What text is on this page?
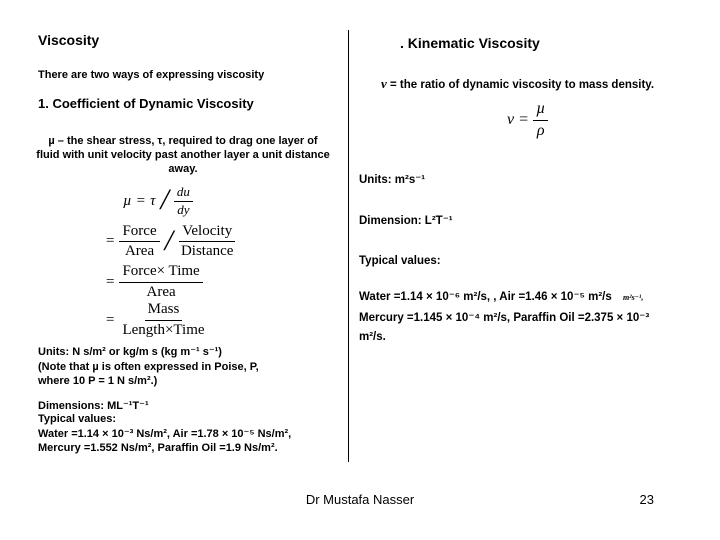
Viscosity
There are two ways of expressing viscosity
1. Coefficient of Dynamic Viscosity
µ – the shear stress, τ, required to drag one layer of
fluid with unit velocity past another layer a unit distance
away.
$\mu = \tau / \frac{du}{dy}$
= $\frac{\text{Force}}{\text{Area}} / \frac{\text{Velocity}}{\text{Distance}}$
= $\frac{\text{Force× Time}}{\text{Area}}$
= $\frac{\text{Mass}}{\text{Length×Time}}$
Units: N s/m² or kg/m s (kg m⁻¹ s⁻¹)
(Note that µ is often expressed in Poise, P,
where 10 P = 1 N s/m².)
Dimensions: ML⁻¹T⁻¹
Typical values:
Water =1.14 × 10⁻³ Ns/m², Air =1.78 × 10⁻⁵ Ns/m²,
Mercury =1.552 Ns/m², Paraffin Oil =1.9 Ns/m².
. Kinematic Viscosity
ν = the ratio of dynamic viscosity to mass density.
$\nu = \frac{\text{µ}}{\rho}$
Units: m²s⁻¹
Dimension: L²T⁻¹
Typical values:
Water =1.14 × 10⁻⁶ m²/s, , Air =1.46 × 10⁻⁵ m²/s m²s⁻¹,
Mercury =1.145 × 10⁻⁴ m²/s, Paraffin Oil =2.375 × 10⁻³
m²/s.
Dr Mustafa Nasser	23
